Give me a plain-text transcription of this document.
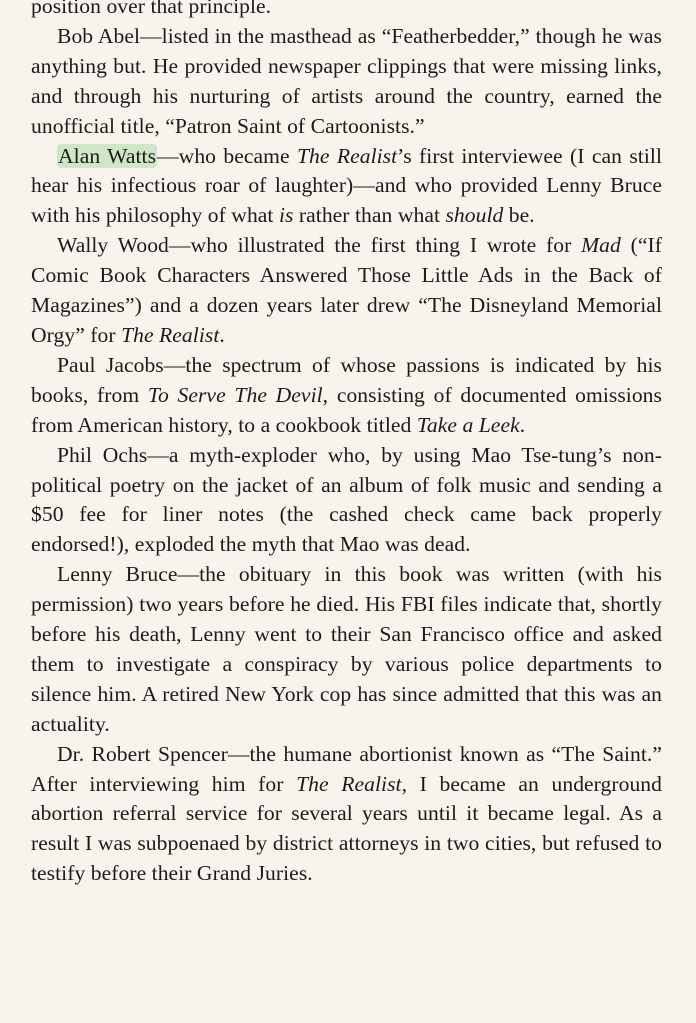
position over that principle.

Bob Abel—listed in the masthead as “Featherbedder,” though he was anything but. He provided newspaper clippings that were missing links, and through his nurturing of artists around the country, earned the unofficial title, “Patron Saint of Cartoonists.”

Alan Watts—who became The Realist’s first interviewee (I can still hear his infectious roar of laughter)—and who provided Lenny Bruce with his philosophy of what is rather than what should be.

Wally Wood—who illustrated the first thing I wrote for Mad (“If Comic Book Characters Answered Those Little Ads in the Back of Magazines”) and a dozen years later drew “The Disneyland Memorial Orgy” for The Realist.

Paul Jacobs—the spectrum of whose passions is indicated by his books, from To Serve The Devil, consisting of documented omissions from American history, to a cookbook titled Take a Leek.

Phil Ochs—a myth-exploder who, by using Mao Tse-tung’s non-political poetry on the jacket of an album of folk music and sending a $50 fee for liner notes (the cashed check came back properly endorsed!), exploded the myth that Mao was dead.

Lenny Bruce—the obituary in this book was written (with his permission) two years before he died. His FBI files indicate that, shortly before his death, Lenny went to their San Francisco office and asked them to investigate a conspiracy by various police departments to silence him. A retired New York cop has since admitted that this was an actuality.

Dr. Robert Spencer—the humane abortionist known as “The Saint.” After interviewing him for The Realist, I became an underground abortion referral service for several years until it became legal. As a result I was subpoenaed by district attorneys in two cities, but refused to testify before their Grand Juries.
